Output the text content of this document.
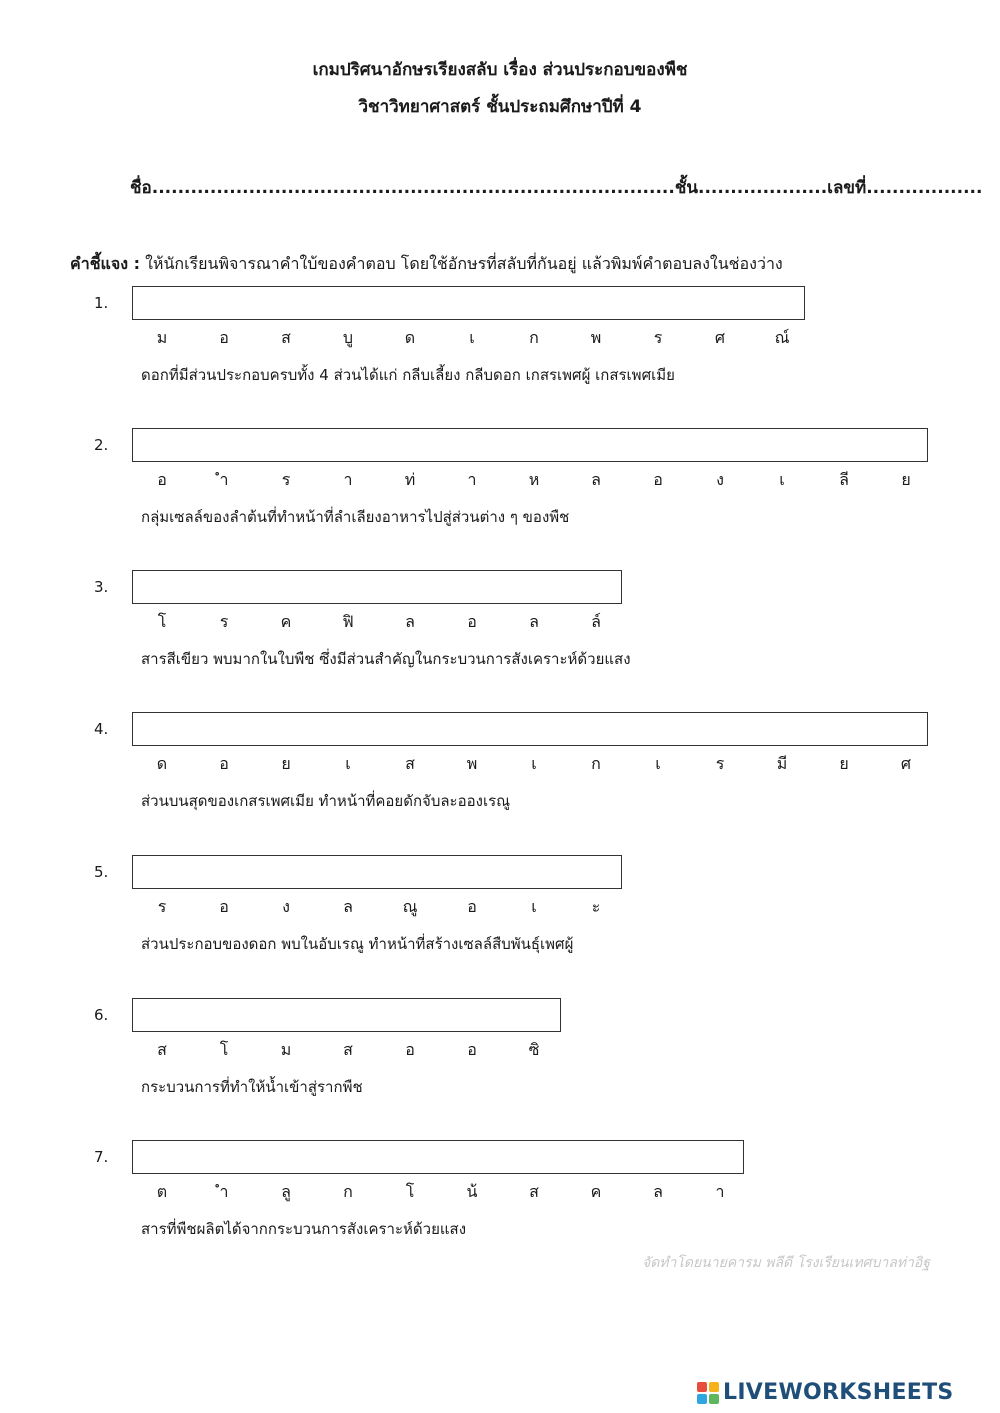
เกมปริศนาอักษรเรียงสลับ เรื่อง ส่วนประกอบของพืช
วิชาวิทยาศาสตร์ ชั้นประถมศึกษาปีที่ 4
ชื่อ.................................................................................ชั้น....................เลขที่..................
คำชี้แจง : ให้นักเรียนพิจารณาคำใบ้ของคำตอบ โดยใช้อักษรที่สลับที่กันอยู่ แล้วพิมพ์คำตอบลงในช่องว่าง
1.
ม	อ	ส	บู	ด	เ	ก	พ	ร	ศ	ณ์
ดอกที่มีส่วนประกอบครบทั้ง 4 ส่วนได้แก่ กลีบเลี้ยง กลีบดอก เกสรเพศผู้ เกสรเพศเมีย
2.
อ	ำ	ร	า	ท่	า	ห	ล	อ	ง	เ	ลี	ย
กลุ่มเซลล์ของลำต้นที่ทำหน้าที่ลำเลียงอาหารไปสู่ส่วนต่าง ๆ ของพืช
3.
โ	ร	ค	ฟิ	ล	อ	ล	ล์
สารสีเขียว พบมากในใบพืช ซึ่งมีส่วนสำคัญในกระบวนการสังเคราะห์ด้วยแสง
4.
ด	อ	ย	เ	ส	พ	เ	ก	เ	ร	มี	ย	ศ
ส่วนบนสุดของเกสรเพศเมีย ทำหน้าที่คอยดักจับละอองเรณู
5.
ร	อ	ง	ล	ณู	อ	เ	ะ
ส่วนประกอบของดอก พบในอับเรณู ทำหน้าที่สร้างเซลล์สืบพันธุ์เพศผู้
6.
ส	โ	ม	ส	อ	อ	ซิ
กระบวนการที่ทำให้น้ำเข้าสู่รากพืช
7.
ต	ำ	ลู	ก	โ	น้	ส	ค	ล	า
สารที่พืชผลิตได้จากกระบวนการสังเคราะห์ด้วยแสง
จัดทำโดยนายคารม พลีดี โรงเรียนเทศบาลท่าอิฐ
LIVEWORKSHEETS
